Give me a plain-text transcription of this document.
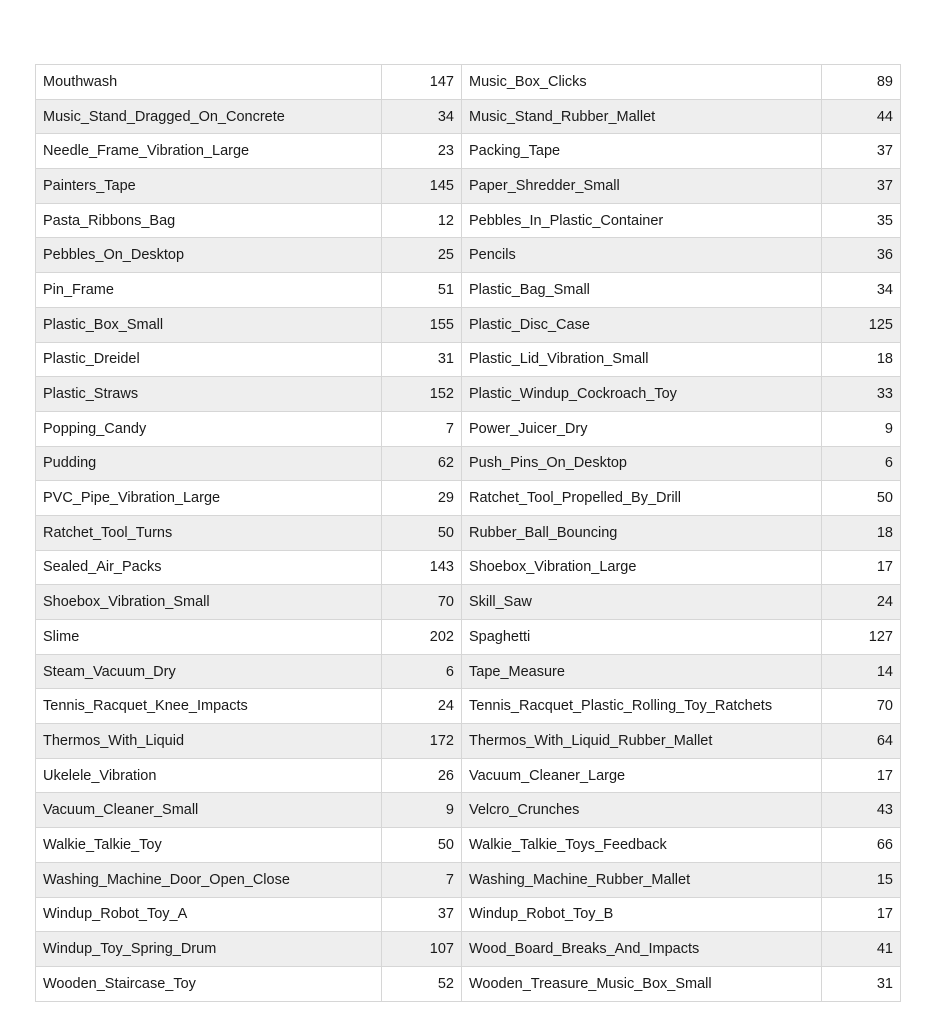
Mouthwash	147	Music_Box_Clicks	89
Music_Stand_Dragged_On_Concrete	34	Music_Stand_Rubber_Mallet	44
Needle_Frame_Vibration_Large	23	Packing_Tape	37
Painters_Tape	145	Paper_Shredder_Small	37
Pasta_Ribbons_Bag	12	Pebbles_In_Plastic_Container	35
Pebbles_On_Desktop	25	Pencils	36
Pin_Frame	51	Plastic_Bag_Small	34
Plastic_Box_Small	155	Plastic_Disc_Case	125
Plastic_Dreidel	31	Plastic_Lid_Vibration_Small	18
Plastic_Straws	152	Plastic_Windup_Cockroach_Toy	33
Popping_Candy	7	Power_Juicer_Dry	9
Pudding	62	Push_Pins_On_Desktop	6
PVC_Pipe_Vibration_Large	29	Ratchet_Tool_Propelled_By_Drill	50
Ratchet_Tool_Turns	50	Rubber_Ball_Bouncing	18
Sealed_Air_Packs	143	Shoebox_Vibration_Large	17
Shoebox_Vibration_Small	70	Skill_Saw	24
Slime	202	Spaghetti	127
Steam_Vacuum_Dry	6	Tape_Measure	14
Tennis_Racquet_Knee_Impacts	24	Tennis_Racquet_Plastic_Rolling_Toy_Ratchets	70
Thermos_With_Liquid	172	Thermos_With_Liquid_Rubber_Mallet	64
Ukelele_Vibration	26	Vacuum_Cleaner_Large	17
Vacuum_Cleaner_Small	9	Velcro_Crunches	43
Walkie_Talkie_Toy	50	Walkie_Talkie_Toys_Feedback	66
Washing_Machine_Door_Open_Close	7	Washing_Machine_Rubber_Mallet	15
Windup_Robot_Toy_A	37	Windup_Robot_Toy_B	17
Windup_Toy_Spring_Drum	107	Wood_Board_Breaks_And_Impacts	41
Wooden_Staircase_Toy	52	Wooden_Treasure_Music_Box_Small	31
